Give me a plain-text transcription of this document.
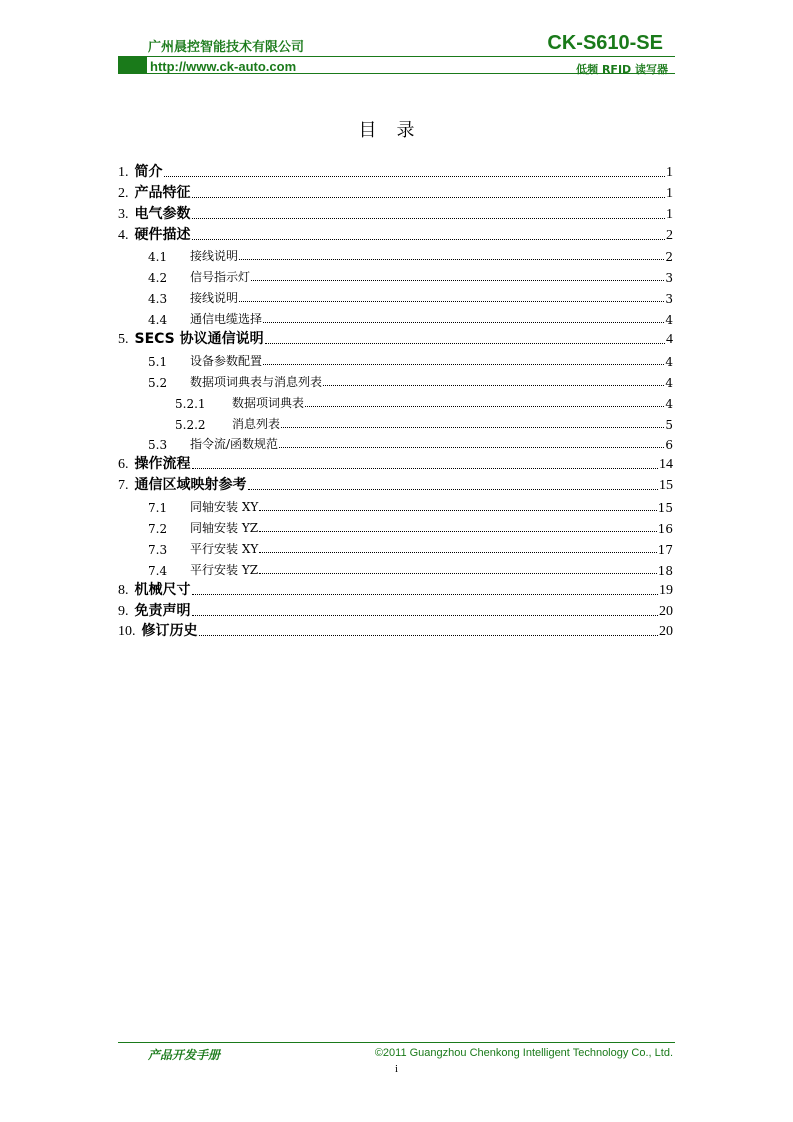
广州晨控智能技术有限公司	CK-S610-SE
http://www.ck-auto.com	低频 RFID 读写器
目录
1. 简介	1
2. 产品特征	1
3. 电气参数	1
4. 硬件描述	2
4.1	接线说明	2
4.2	信号指示灯	3
4.3	接线说明	3
4.4	通信电缆选择	4
5. SECS 协议通信说明	4
5.1	设备参数配置	4
5.2	数据项词典表与消息列表	4
5.2.1	数据项词典表	4
5.2.2	消息列表	5
5.3	指令流/函数规范	6
6. 操作流程	14
7. 通信区域映射参考	15
7.1	同轴安装 XY	15
7.2	同轴安装 YZ	16
7.3	平行安装 XY	17
7.4	平行安装 YZ	18
8. 机械尺寸	19
9. 免责声明	20
10. 修订历史	20
产品开发手册	©2011 Guangzhou Chenkong Intelligent Technology Co., Ltd.
i
